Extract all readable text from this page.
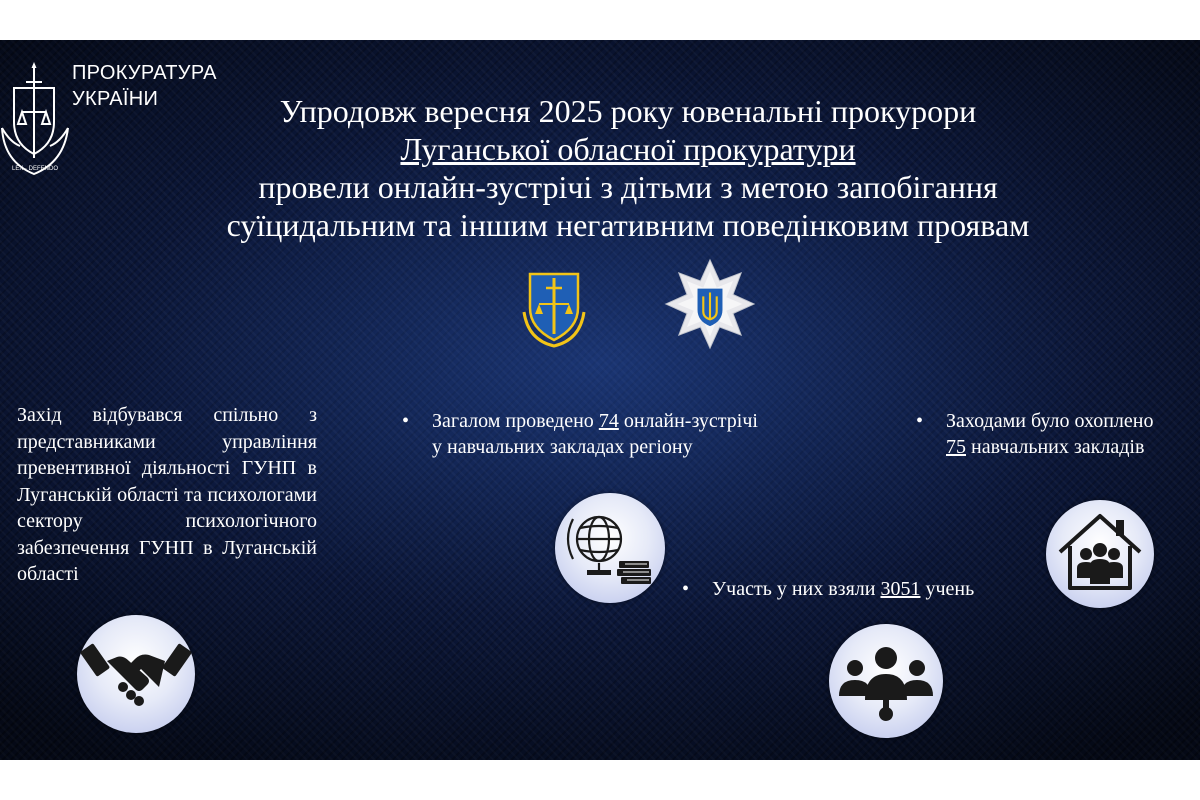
LEX · DEFENDO
ПРОКУРАТУРА
УКРАЇНИ	Упродовж вересня 2025 року ювенальні прокурори
Луганської обласної прокуратури
провели онлайн-зустрічі з дітьми з метою запобігання
суїцидальним та іншим негативним поведінковим проявам
Захід відбувався спільно з представниками управління превентивної діяльності ГУНП в Луганській області та психологами сектору психологічного забезпечення ГУНП в Луганській області
• Загалом проведено 74 онлайн-зустрічі
у навчальних закладах регіону
• Заходами було охоплено
75 навчальних закладів
• Участь у них взяли 3051 учень
